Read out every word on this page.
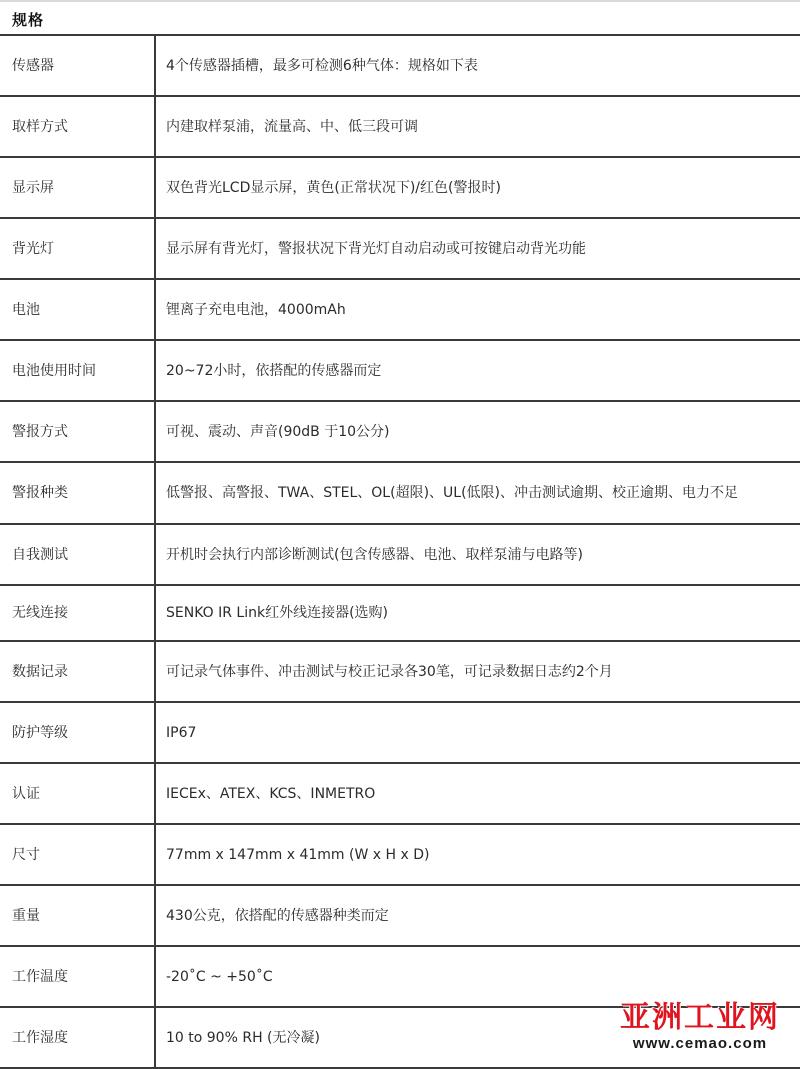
规格
传感器	4个传感器插槽，最多可检测6种气体：规格如下表
取样方式	内建取样泵浦，流量高、中、低三段可调
显示屏	双色背光LCD显示屏，黄色(正常状况下)/红色(警报时)
背光灯	显示屏有背光灯，警报状况下背光灯自动启动或可按键启动背光功能
电池	锂离子充电电池，4000mAh
电池使用时间	20~72小时，依搭配的传感器而定
警报方式	可视、震动、声音(90dB 于10公分)
警报种类	低警报、高警报、TWA、STEL、OL(超限)、UL(低限)、冲击测试逾期、校正逾期、电力不足
自我测试	开机时会执行内部诊断测试(包含传感器、电池、取样泵浦与电路等)
无线连接	SENKO IR Link红外线连接器(选购)
数据记录	可记录气体事件、冲击测试与校正记录各30笔，可记录数据日志约2个月
防护等级	IP67
认证	IECEx、ATEX、KCS、INMETRO
尺寸	77mm x 147mm x 41mm (W x H x D)
重量	430公克，依搭配的传感器种类而定
工作温度	-20˚C ~ +50˚C
工作湿度	10 to 90% RH (无冷凝)
亚洲工业网
www.cemao.com
